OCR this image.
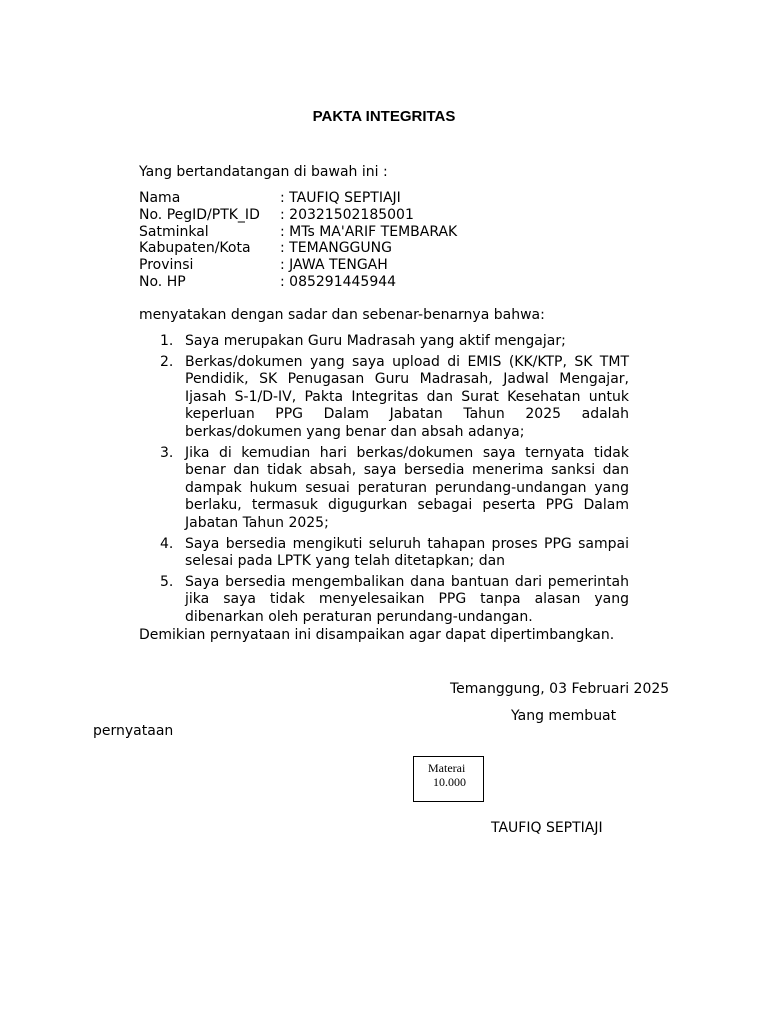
PAKTA INTEGRITAS
Yang bertandatangan di bawah ini :
Nama	: TAUFIQ SEPTIAJI
No. PegID/PTK_ID	: 20321502185001
Satminkal	: MTs MA'ARIF TEMBARAK
Kabupaten/Kota	: TEMANGGUNG
Provinsi	: JAWA TENGAH
No. HP	: 085291445944
menyatakan dengan sadar dan sebenar-benarnya bahwa:
1. Saya merupakan Guru Madrasah yang aktif mengajar;
2. Berkas/dokumen yang saya upload di EMIS (KK/KTP, SK TMT Pendidik, SK Penugasan Guru Madrasah, Jadwal Mengajar, Ijasah S-1/D-IV, Pakta Integritas dan Surat Kesehatan untuk keperluan PPG Dalam Jabatan Tahun 2025 adalah berkas/dokumen yang benar dan absah adanya;
3. Jika di kemudian hari berkas/dokumen saya ternyata tidak benar dan tidak absah, saya bersedia menerima sanksi dan dampak hukum sesuai peraturan perundang-undangan yang berlaku, termasuk digugurkan sebagai peserta PPG Dalam Jabatan Tahun 2025;
4. Saya bersedia mengikuti seluruh tahapan proses PPG sampai selesai pada LPTK yang telah ditetapkan; dan
5. Saya bersedia mengembalikan dana bantuan dari pemerintah jika saya tidak menyelesaikan PPG tanpa alasan yang dibenarkan oleh peraturan perundang-undangan.
Demikian pernyataan ini disampaikan agar dapat dipertimbangkan.
Temanggung, 03 Februari 2025
Yang membuat
pernyataan
Materai
10.000
TAUFIQ SEPTIAJI
